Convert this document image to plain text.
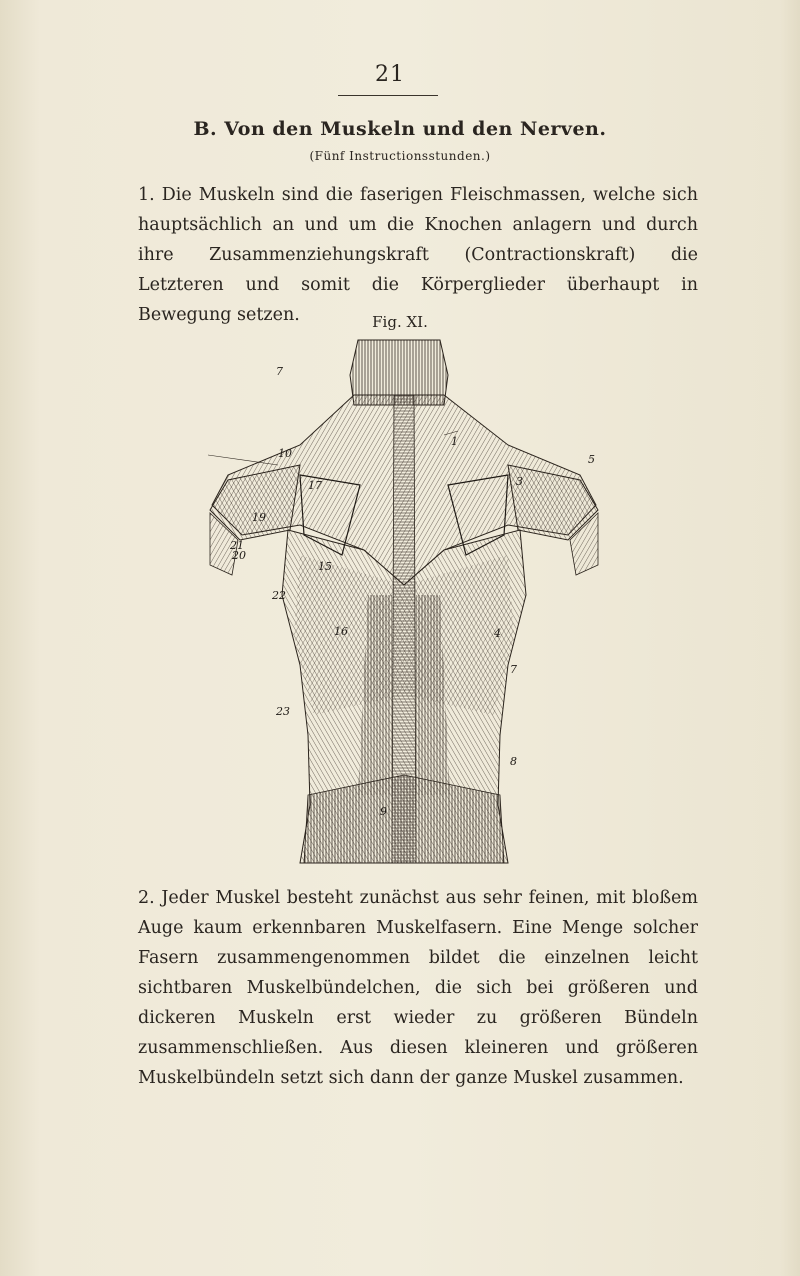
21
B. Von den Muskeln und den Nerven.
(Fünf Instructionsstunden.)
1. Die Muskeln sind die faserigen Fleischmassen, welche sich hauptsächlich an und um die Knochen anlagern und durch ihre Zusammenziehungskraft (Contractionskraft) die Letzteren und somit die Körperglieder überhaupt in Bewegung setzen.	Fig. XI.
7
1
3
5
10
17
19
21
20
15
22
16	4
23
7
8
9
2. Jeder Muskel besteht zunächst aus sehr feinen, mit bloßem Auge kaum erkennbaren Muskelfasern. Eine Menge solcher Fasern zusammengenommen bildet die einzelnen leicht sichtbaren Muskelbündelchen, die sich bei größeren und dickeren Muskeln erst wieder zu größeren Bündeln zusammenschließen. Aus diesen kleineren und größeren Muskelbündeln setzt sich dann der ganze Muskel zusammen.
